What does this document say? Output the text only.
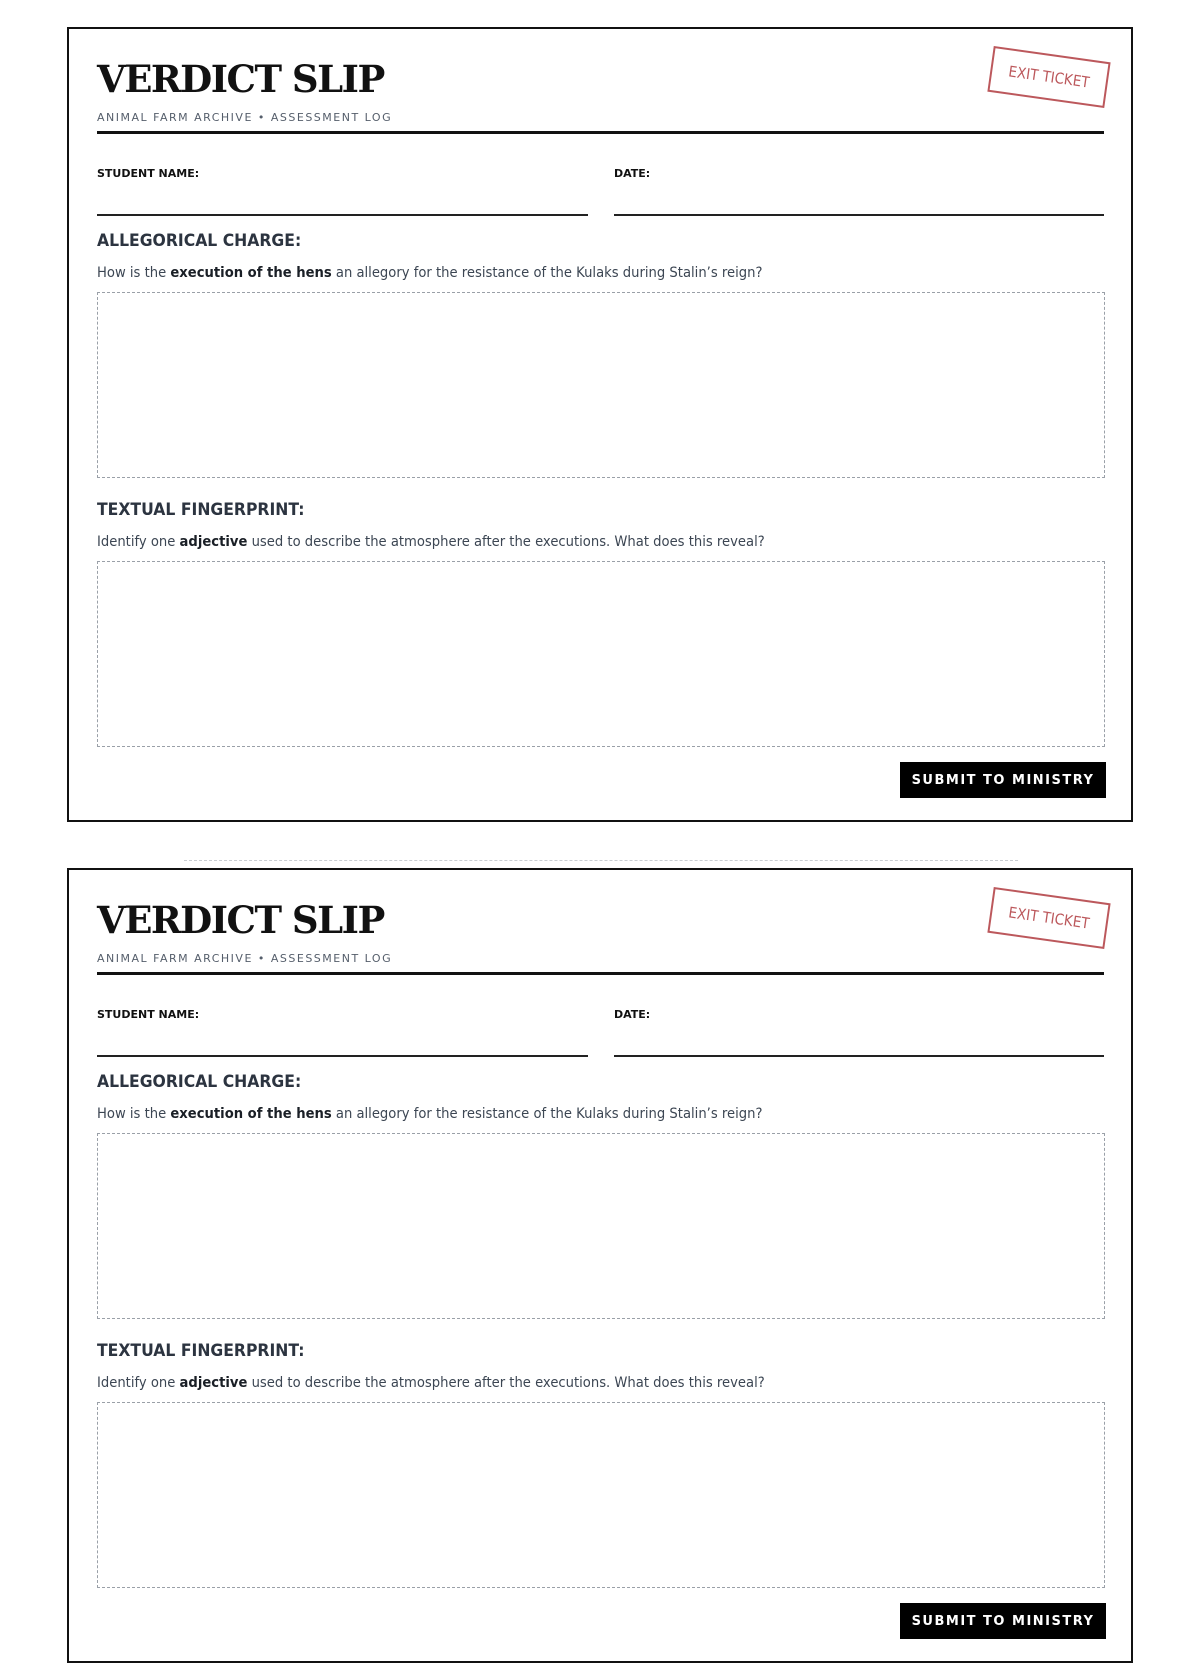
VERDICT SLIP
ANIMAL FARM ARCHIVE • ASSESSMENT LOG
EXIT TICKET
STUDENT NAME:	DATE:
ALLEGORICAL CHARGE:
How is the execution of the hens an allegory for the resistance of the Kulaks during Stalin’s reign?
TEXTUAL FINGERPRINT:
Identify one adjective used to describe the atmosphere after the executions. What does this reveal?
SUBMIT TO MINISTRY
VERDICT SLIP
ANIMAL FARM ARCHIVE • ASSESSMENT LOG
EXIT TICKET
STUDENT NAME:	DATE:
ALLEGORICAL CHARGE:
How is the execution of the hens an allegory for the resistance of the Kulaks during Stalin’s reign?
TEXTUAL FINGERPRINT:
Identify one adjective used to describe the atmosphere after the executions. What does this reveal?
SUBMIT TO MINISTRY
